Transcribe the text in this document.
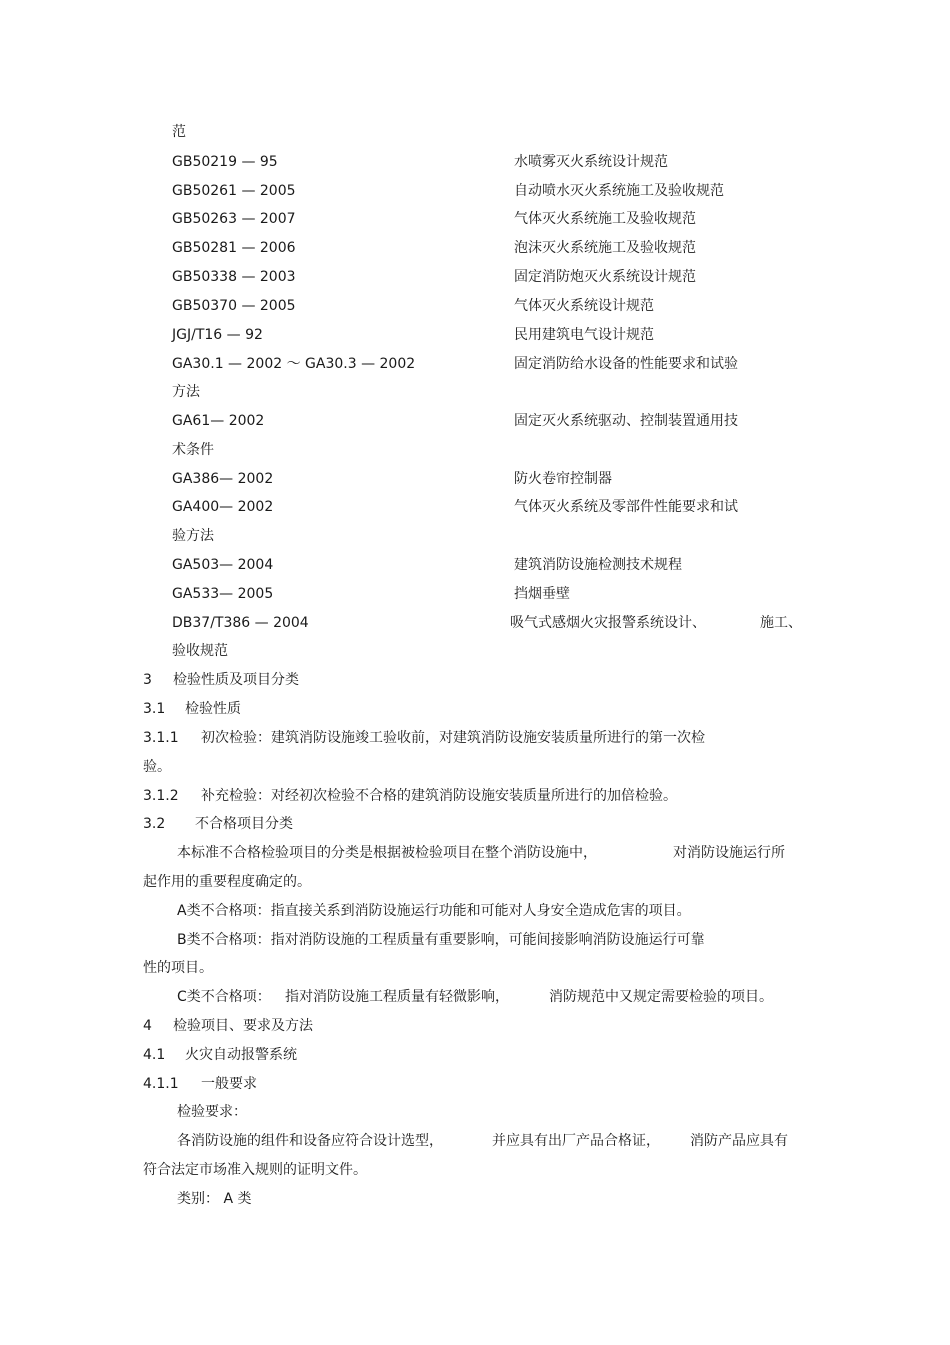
范
GB50219 — 95	水喷雾灭火系统设计规范
GB50261 — 2005	自动喷水灭火系统施工及验收规范
GB50263 — 2007	气体灭火系统施工及验收规范
GB50281 — 2006	泡沫灭火系统施工及验收规范
GB50338 — 2003	固定消防炮灭火系统设计规范
GB50370 — 2005	气体灭火系统设计规范
JGJ/T16 — 92	民用建筑电气设计规范
GA30.1 — 2002 ～ GA30.3 — 2002	固定消防给水设备的性能要求和试验
方法
GA61— 2002	固定灭火系统驱动、控制装置通用技
术条件
GA386— 2002	防火卷帘控制器
GA400— 2002	气体灭火系统及零部件性能要求和试
验方法
GA503— 2004	建筑消防设施检测技术规程
GA533— 2005	挡烟垂壁
DB37/T386 — 2004	吸气式感烟火灾报警系统设计、	施工、
验收规范
3 检验性质及项目分类
3.1 检验性质
3.1.1 初次检验：建筑消防设施竣工验收前，对建筑消防设施安装质量所进行的第一次检
验。
3.1.2 补充检验：对经初次检验不合格的建筑消防设施安装质量所进行的加倍检验。
3.2 不合格项目分类
本标准不合格检验项目的分类是根据被检验项目在整个消防设施中，	对消防设施运行所
起作用的重要程度确定的。
A类不合格项：指直接关系到消防设施运行功能和可能对人身安全造成危害的项目。
B类不合格项：指对消防设施的工程质量有重要影响，可能间接影响消防设施运行可靠
性的项目。
C类不合格项： 指对消防设施工程质量有轻微影响，	消防规范中又规定需要检验的项目。
4 检验项目、要求及方法
4.1 火灾自动报警系统
4.1.1 一般要求
检验要求：
各消防设施的组件和设备应符合设计选型，	并应具有出厂产品合格证， 消防产品应具有
符合法定市场准入规则的证明文件。
类别： A 类
